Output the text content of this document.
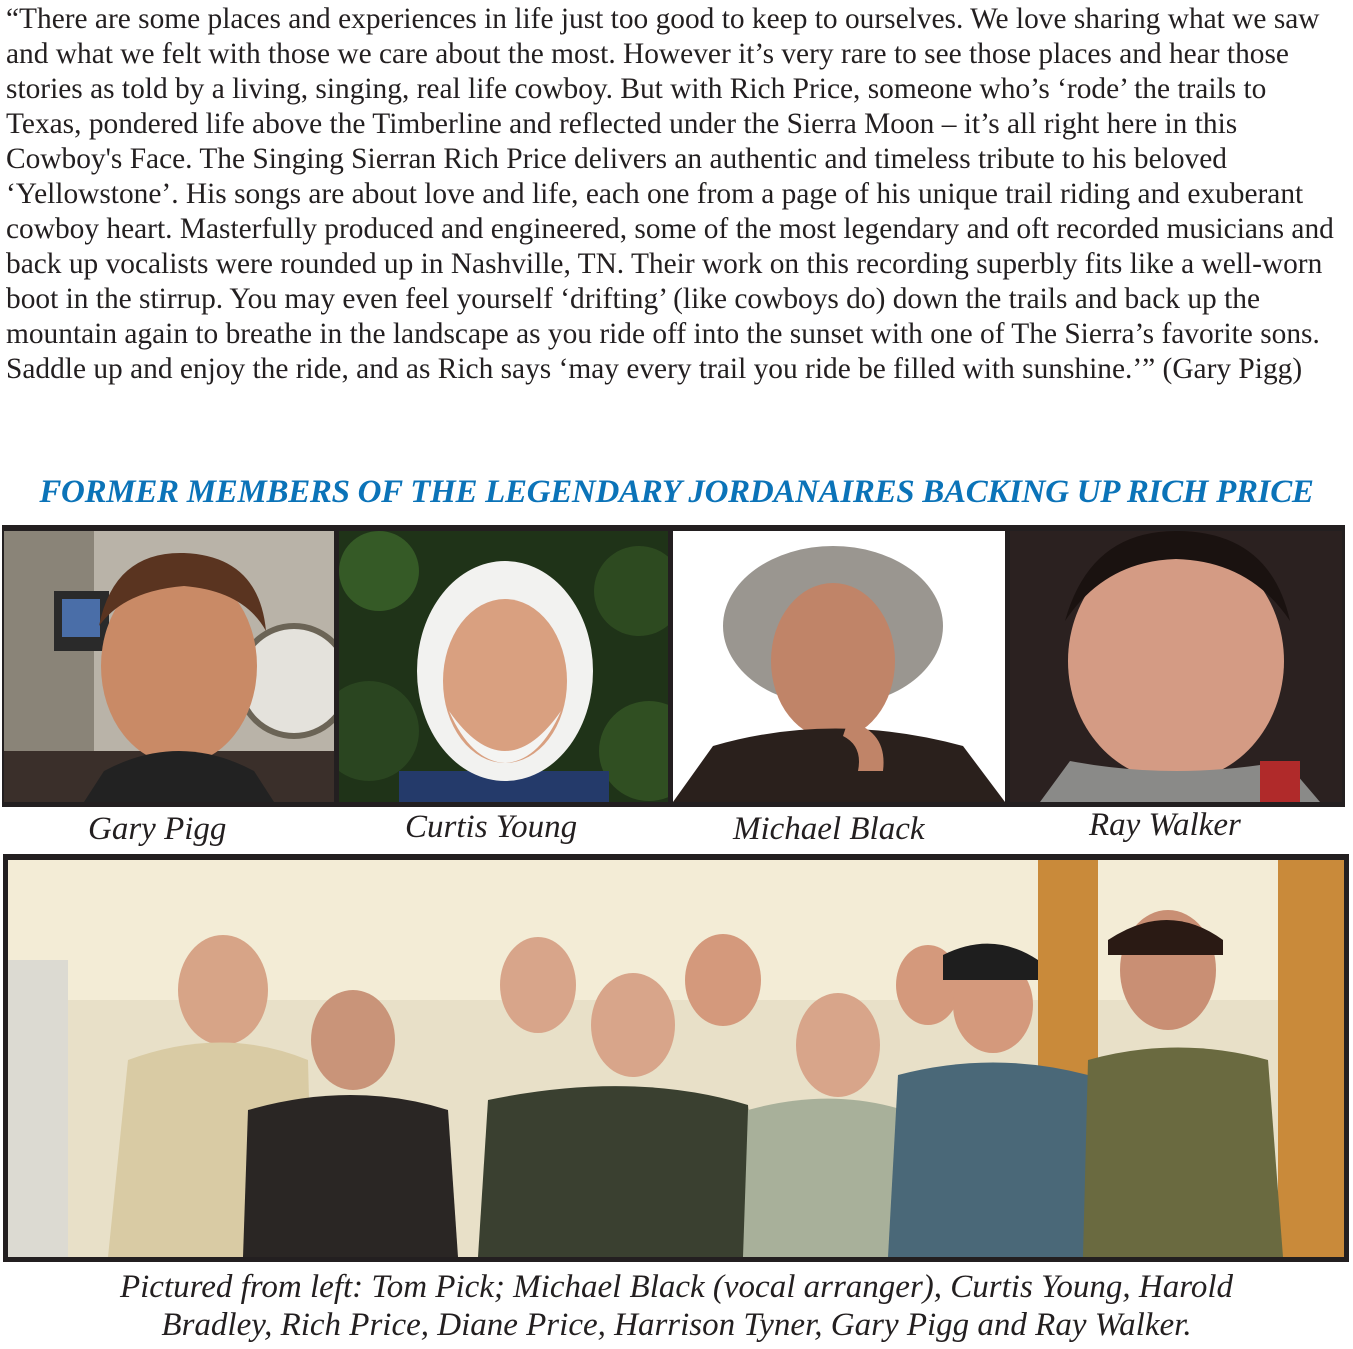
“There are some places and experiences in life just too good to keep to ourselves. We love sharing what we saw and what we felt with those we care about the most. However it’s very rare to see those places and hear those stories as told by a living, singing, real life cowboy. But with Rich Price, someone who’s ‘rode’ the trails to Texas, pondered life above the Timberline and reflected under the Sierra Moon – it’s all right here in this Cowboy's Face. The Singing Sierran Rich Price delivers an authentic and timeless tribute to his beloved ‘Yellowstone’. His songs are about love and life, each one from a page of his unique trail riding and exuberant cowboy heart. Masterfully produced and engineered, some of the most legendary and oft recorded musicians and back up vocalists were rounded up in Nashville, TN. Their work on this recording superbly fits like a well-worn boot in the stirrup. You may even feel yourself ‘drifting’ (like cowboys do) down the trails and back up the mountain again to breathe in the landscape as you ride off into the sunset with one of The Sierra’s favorite sons. Saddle up and enjoy the ride, and as Rich says ‘may every trail you ride be filled with sunshine.’” (Gary Pigg)

FORMER MEMBERS OF THE LEGENDARY JORDANAIRES BACKING UP RICH PRICE
Gary Pigg	Curtis Young	Michael Black	Ray Walker

Pictured from left: Tom Pick; Michael Black (vocal arranger), Curtis Young, Harold
Bradley, Rich Price, Diane Price, Harrison Tyner, Gary Pigg and Ray Walker.
